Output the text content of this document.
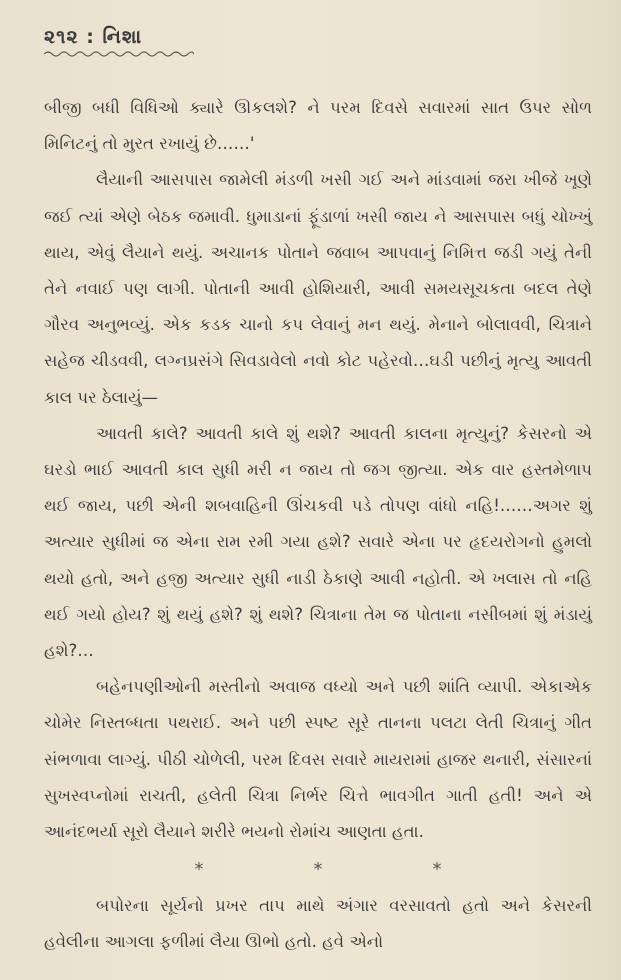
૨૧૨ : નિશા

બીજી બધી વિધિઓ ક્યારે ઊકલશે? ને પરમ દિવસે સવારમાં સાત ઉપર સોળ મિનિટનું તો મુરત રખાયું છે……'

લૈયાની આસપાસ જામેલી મંડળી ખસી ગઈ અને માંડવામાં જરા ખીજે ખૂણે જઈ ત્યાં એણે બેઠક જમાવી. ધુમાડાનાં ફૂંડાળાં ખસી જાય ને આસપાસ બધું ચોખ્ખું થાય, એવું લૈયાને થયું. અચાનક પોતાને જવાબ આપવાનું નિમિત્ત જડી ગયું તેની તેને નવાઈ પણ લાગી. પોતાની આવી હોશિયારી, આવી સમયસૂચકતા બદલ તેણે ગૌરવ અનુભવ્યું. એક કડક ચાનો કપ લેવાનું મન થયું. મેનાને બોલાવવી, ચિત્રાને સહેજ ચીડવવી, લગ્નપ્રસંગે સિવડાવેલો નવો કોટ પહેરવો…ઘડી પછીનું મૃત્યુ આવતી કાલ પર ઠેલાયું—

આવતી કાલે? આવતી કાલે શું થશે? આવતી કાલના મૃત્યુનું? કેસરનો એ ઘરડો ભાઈ આવતી કાલ સુધી મરી ન જાય તો જગ જીત્યા. એક વાર હસ્તમેળાપ થઈ જાય, પછી એની શબવાહિની ઊંચકવી પડે તોપણ વાંધો નહિ!……અગર શું અત્યાર સુધીમાં જ એના રામ રમી ગયા હશે? સવારે એના પર હૃદયરોગનો હુમલો થયો હતો, અને હજી અત્યાર સુધી નાડી ઠેકાણે આવી નહોતી. એ ખલાસ તો નહિ થઈ ગયો હોય? શું થયું હશે? શું થશે? ચિત્રાના તેમ જ પોતાના નસીબમાં શું મંડાયું હશે?…

બહેનપણીઓની મસ્તીનો અવાજ વધ્યો અને પછી શાંતિ વ્યાપી. એકાએક ચોમેર નિસ્તબ્ધતા પથરાઈ. અને પછી સ્પષ્ટ સૂરે તાનના પલટા લેતી ચિત્રાનું ગીત સંભળાવા લાગ્યું. પીઠી ચોળેલી, પરમ દિવસ સવારે માયરામાં હાજર થનારી, સંસારનાં સુખસ્વપ્નોમાં રાચતી, હલેતી ચિત્રા નિર્ભર ચિત્તે ભાવગીત ગાતી હતી! અને એ આનંદભર્યા સૂરો લૈયાને શરીરે ભયનો રોમાંચ આણતા હતા.

*	*	*

બપોરના સૂર્યનો પ્રખર તાપ માથે અંગાર વરસાવતો હતો અને કેસરની હવેલીના આગલા ફળીમાં લૈયા ઊભો હતો. હવે એનો
